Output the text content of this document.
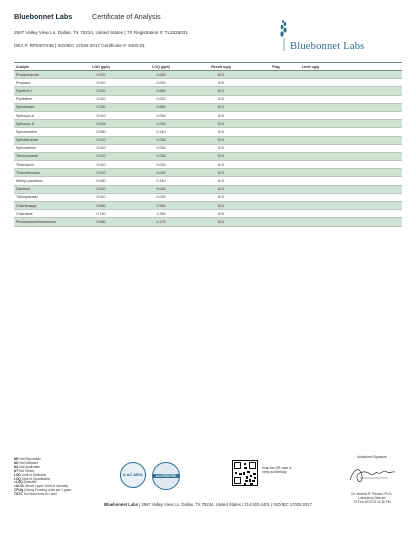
Bluebonnet Labs	Certificate of Analysis
2567 Valley View Ln, Dallas, TX 75234, United States | TX Registration #: TL2025031
DEA #: RP0407436 | ISO/IEC 17025:2017 Certificate #: 6400.01	Bluebonnet Labs
Analyte	LOD (ppb)	LOQ (ppb)	Result ug/g	Flag	Limit ug/g
Propiconazole	0.070	0.200	N D		
Propoxur	0.010	0.030	N D		
Pyrethrin I	0.020	0.060	N D		
Pyridaben	0.010	0.030	N D		
Spinetoram	0.230	0.690	N D		
Spinosyn A	0.010	0.030	N D		
Spinosyn D	0.005	0.010	N D		
Spiromesifen	0.050	0.140	N D		
Spirotetramat	0.010	0.030	N D		
Spiroxamine	0.010	0.030	N D		
Tebuconazole	0.010	0.030	N D		
Thiacloprid	0.010	0.030	N D		
Thiamethoxam	0.010	0.040	N D		
Methyl parathion	0.050	0.140	N D		
Diazinon	0.010	0.040	N D		
Trifloxystrobin	0.010	0.030	N D		
Chlorfenapyr	0.830	2.500	N D		
Chlordane	0.740	2.250	N D		
Pentachloronitrobenzene	0.060	0.170	N D		
NR Not Reportable
ND Not Detected
NA Not Applicable
NT Not Tested
LOD Limit of Detection
LOQ Limit of Quantitation
<LOQ Detected
>ULOL Above Upper Limit of Linearity
CFU/g Colony Forming Units per 1 gram
TNTC Too Numerous to Count
ILAC-MRA	ACCREDITED
Scan the QR code to
verify authenticity.
Authorized Signature
Dr. Andrew R. Pizzaro, Ph.D.
Laboratory Director
13-Feb-2023 02:11:36 PM
Bluebonnet Labs | 2567 Valley View Ln, Dallas, TX 75234, United States | 214.503.4401 | ISO/IEC 17025:2017
